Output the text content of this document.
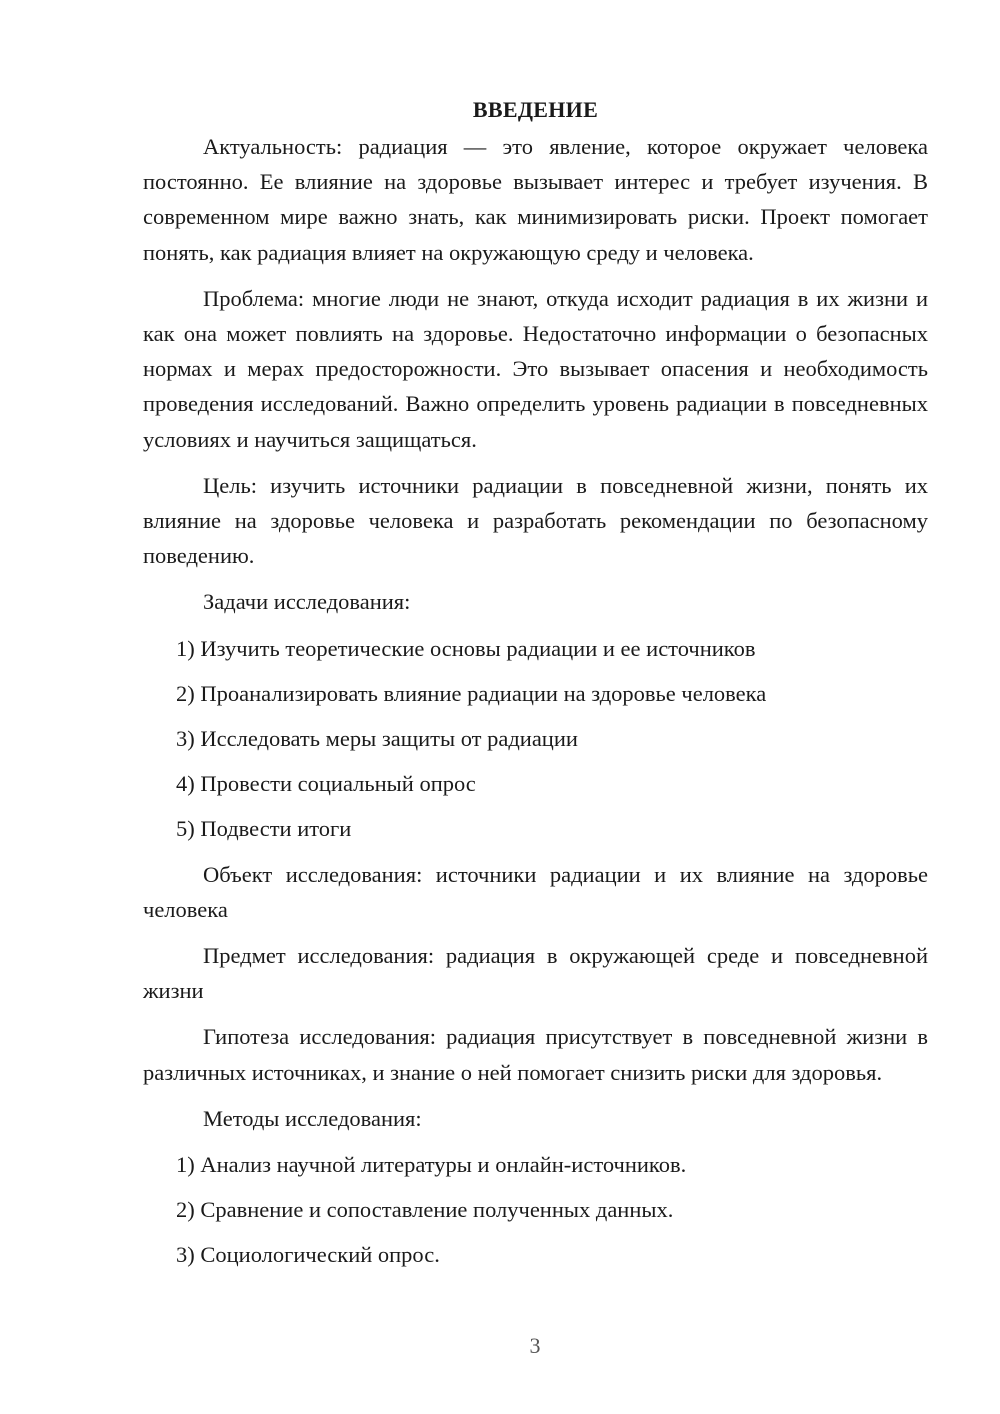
ВВЕДЕНИЕ

Актуальность: радиация — это явление, которое окружает человека постоянно. Ее влияние на здоровье вызывает интерес и требует изучения. В современном мире важно знать, как минимизировать риски. Проект помогает понять, как радиация влияет на окружающую среду и человека.

Проблема: многие люди не знают, откуда исходит радиация в их жизни и как она может повлиять на здоровье. Недостаточно информации о безопасных нормах и мерах предосторожности. Это вызывает опасения и необходимость проведения исследований. Важно определить уровень радиации в повседневных условиях и научиться защищаться.

Цель: изучить источники радиации в повседневной жизни, понять их влияние на здоровье человека и разработать рекомендации по безопасному поведению.

Задачи исследования:

1) Изучить теоретические основы радиации и ее источников
2) Проанализировать влияние радиации на здоровье человека
3) Исследовать меры защиты от радиации
4) Провести социальный опрос
5) Подвести итоги

Объект исследования: источники радиации и их влияние на здоровье человека

Предмет исследования: радиация в окружающей среде и повседневной жизни

Гипотеза исследования: радиация присутствует в повседневной жизни в различных источниках, и знание о ней помогает снизить риски для здоровья.

Методы исследования:

1) Анализ научной литературы и онлайн-источников.
2) Сравнение и сопоставление полученных данных.
3) Социологический опрос.
3
